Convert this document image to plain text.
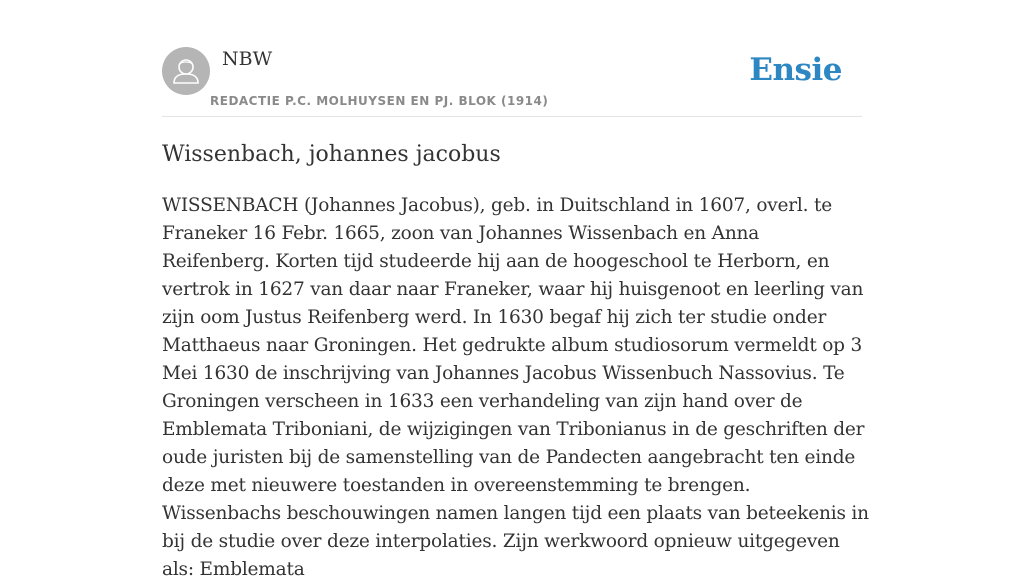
NBW
REDACTIE P.C. MOLHUYSEN EN PJ. BLOK (1914)
Ensie
Wissenbach, johannes jacobus

WISSENBACH (Johannes Jacobus), geb. in Duitschland in 1607, overl. te Franeker 16 Febr. 1665, zoon van Johannes Wissenbach en Anna Reifenberg. Korten tijd studeerde hij aan de hoogeschool te Herborn, en vertrok in 1627 van daar naar Franeker, waar hij huisgenoot en leerling van zijn oom Justus Reifenberg werd. In 1630 begaf hij zich ter studie onder Matthaeus naar Groningen. Het gedrukte album studiosorum vermeldt op 3 Mei 1630 de inschrijving van Johannes Jacobus Wissenbuch Nassovius. Te Groningen verscheen in 1633 een verhandeling van zijn hand over de Emblemata Triboniani, de wijzigingen van Tribonianus in de geschriften der oude juristen bij de samenstelling van de Pandecten aangebracht ten einde deze met nieuwere toestanden in overeenstemming te brengen. Wissenbachs beschouwingen namen langen tijd een plaats van beteekenis in bij de studie over deze interpolaties. Zijn werkwoord opnieuw uitgegeven als: Emblemata
